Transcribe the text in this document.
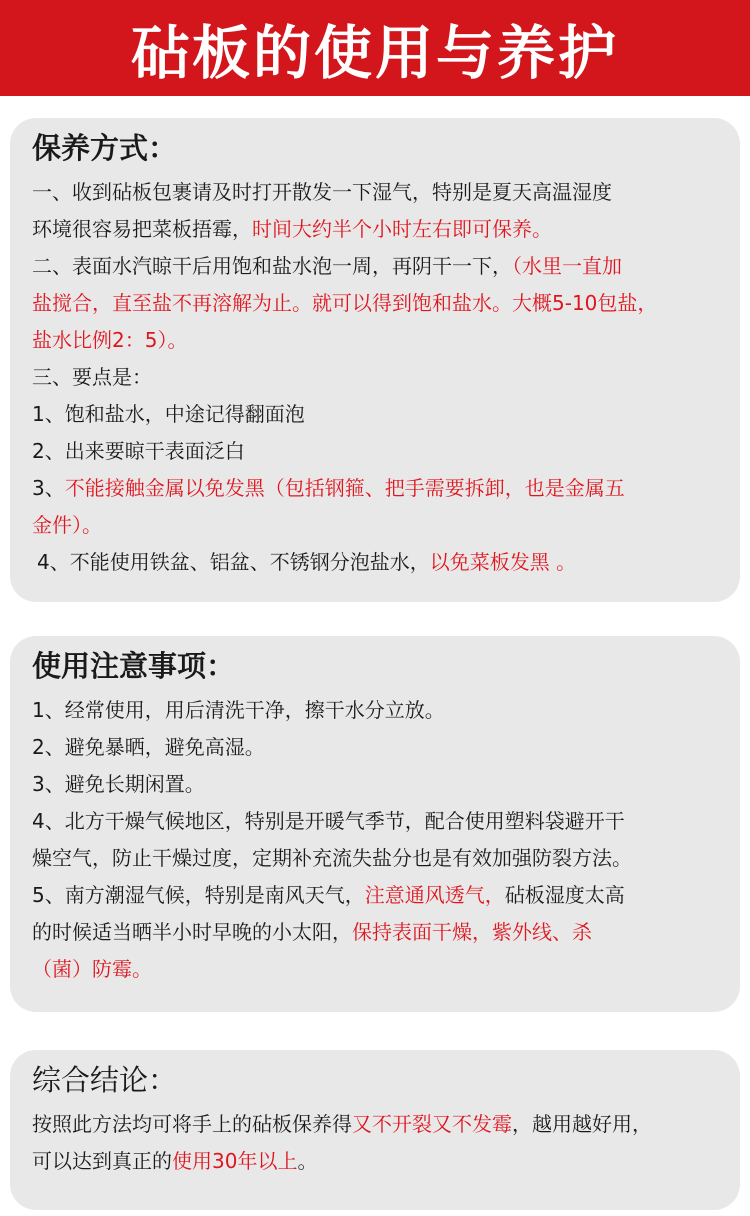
砧板的使用与养护
保养方式：
一、收到砧板包裹请及时打开散发一下湿气，特别是夏天高温湿度
环境很容易把菜板捂霉，时间大约半个小时左右即可保养。
二、表面水汽晾干后用饱和盐水泡一周，再阴干一下，（水里一直加
盐搅合，直至盐不再溶解为止。就可以得到饱和盐水。大概5-10包盐，
盐水比例2：5）。
三、要点是：
1、饱和盐水，中途记得翻面泡
2、出来要晾干表面泛白
3、不能接触金属以免发黑（包括钢箍、把手需要拆卸，也是金属五
金件）。
4、不能使用铁盆、铝盆、不锈钢分泡盐水，以免菜板发黑 。
使用注意事项：
1、经常使用，用后清洗干净，擦干水分立放。
2、避免暴晒，避免高湿。
3、避免长期闲置。
4、北方干燥气候地区，特别是开暖气季节，配合使用塑料袋避开干
燥空气，防止干燥过度，定期补充流失盐分也是有效加强防裂方法。
5、南方潮湿气候，特别是南风天气，注意通风透气，砧板湿度太高
的时候适当晒半小时早晚的小太阳，保持表面干燥，紫外线、杀
（菌）防霉。
综合结论：
按照此方法均可将手上的砧板保养得又不开裂又不发霉，越用越好用，
可以达到真正的使用30年以上。
